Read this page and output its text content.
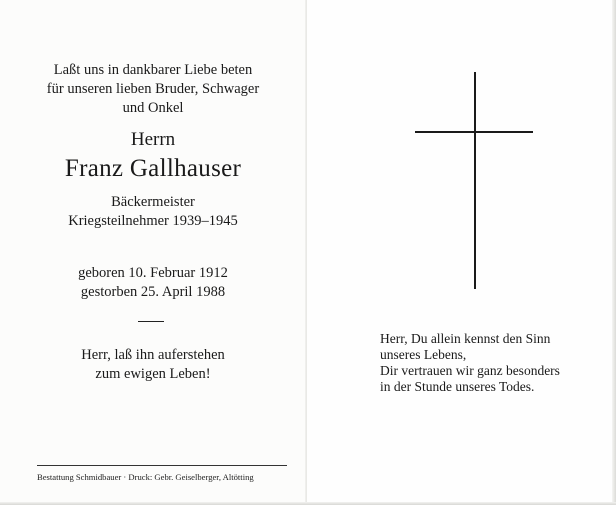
Laßt uns in dankbarer Liebe beten
für unseren lieben Bruder, Schwager
und Onkel
Herrn
Franz Gallhauser
Bäckermeister
Kriegsteilnehmer 1939–1945
geboren 10. Februar 1912
gestorben 25. April 1988
Herr, laß ihn auferstehen
zum ewigen Leben!
Bestattung Schmidbauer · Druck: Gebr. Geiselberger, Altötting
Herr, Du allein kennst den Sinn
unseres Lebens,
Dir vertrauen wir ganz besonders
in der Stunde unseres Todes.
